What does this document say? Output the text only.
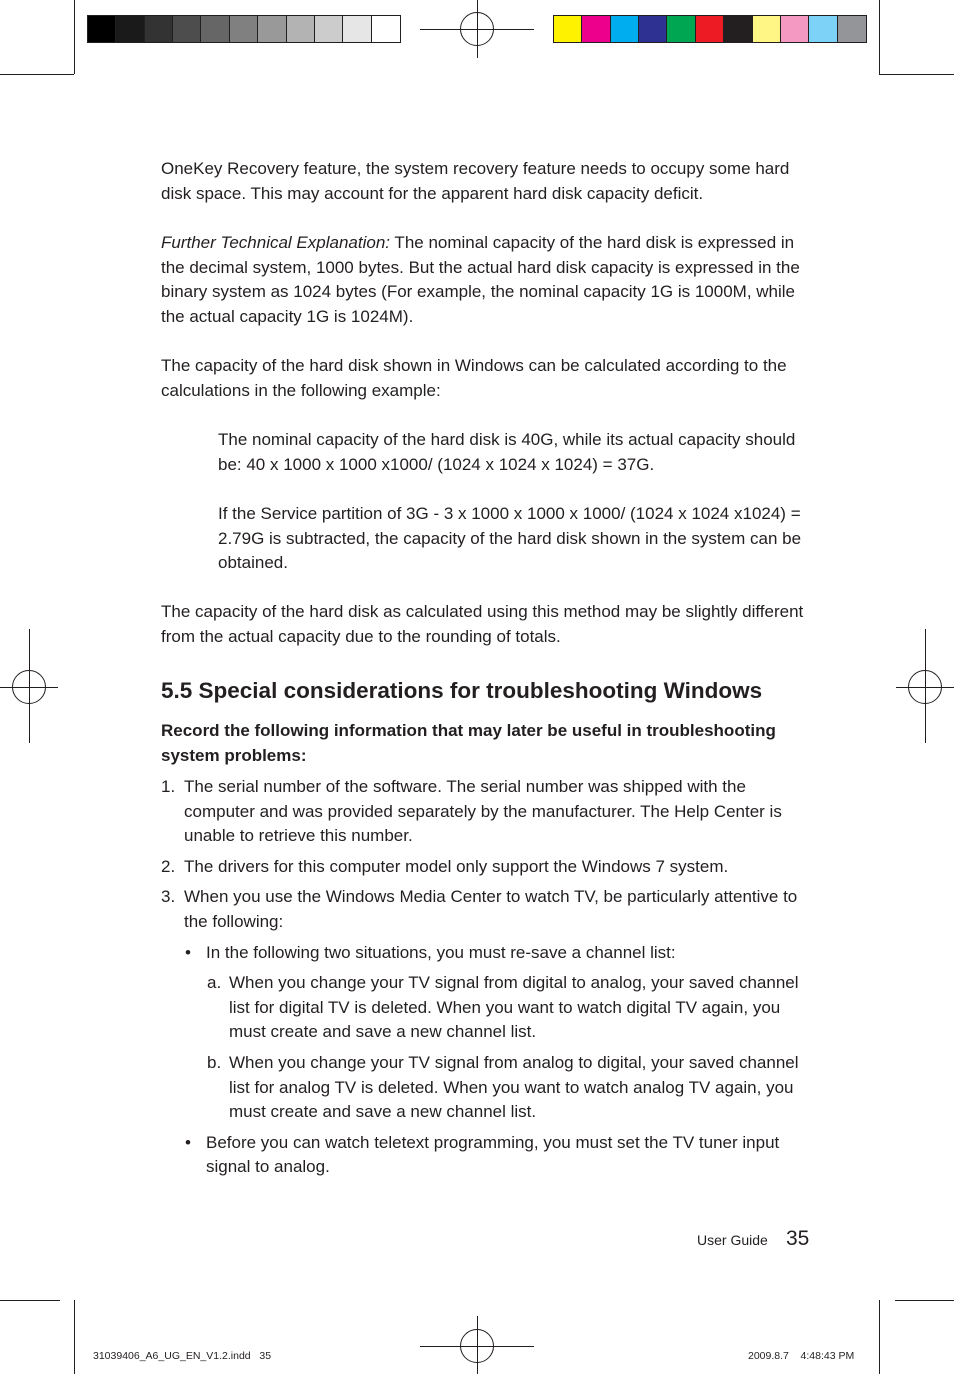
OneKey Recovery feature, the system recovery feature needs to occupy some hard disk space. This may account for the apparent hard disk capacity deficit.

Further Technical Explanation: The nominal capacity of the hard disk is expressed in the decimal system, 1000 bytes. But the actual hard disk capacity is expressed in the binary system as 1024 bytes (For example, the nominal capacity 1G is 1000M, while the actual capacity 1G is 1024M).

The capacity of the hard disk shown in Windows can be calculated according to the calculations in the following example:

The nominal capacity of the hard disk is 40G, while its actual capacity should be: 40 x 1000 x 1000 x1000/ (1024 x 1024 x 1024) = 37G.

If the Service partition of 3G - 3 x 1000 x 1000 x 1000/ (1024 x 1024 x1024) = 2.79G is subtracted, the capacity of the hard disk shown in the system can be obtained.

The capacity of the hard disk as calculated using this method may be slightly different from the actual capacity due to the rounding of totals.

5.5 Special considerations for troubleshooting Windows

Record the following information that may later be useful in troubleshooting system problems:

1. The serial number of the software. The serial number was shipped with the computer and was provided separately by the manufacturer. The Help Center is unable to retrieve this number.
2. The drivers for this computer model only support the Windows 7 system.
3. When you use the Windows Media Center to watch TV, be particularly attentive to the following:
• In the following two situations, you must re-save a channel list:
a. When you change your TV signal from digital to analog, your saved channel list for digital TV is deleted. When you want to watch digital TV again, you must create and save a new channel list.
b. When you change your TV signal from analog to digital, your saved channel list for analog TV is deleted. When you want to watch analog TV again, you must create and save a new channel list.
• Before you can watch teletext programming, you must set the TV tuner input signal to analog.
User Guide 35
31039406_A6_UG_EN_V1.2.indd   35	2009.8.7    4:48:43 PM
